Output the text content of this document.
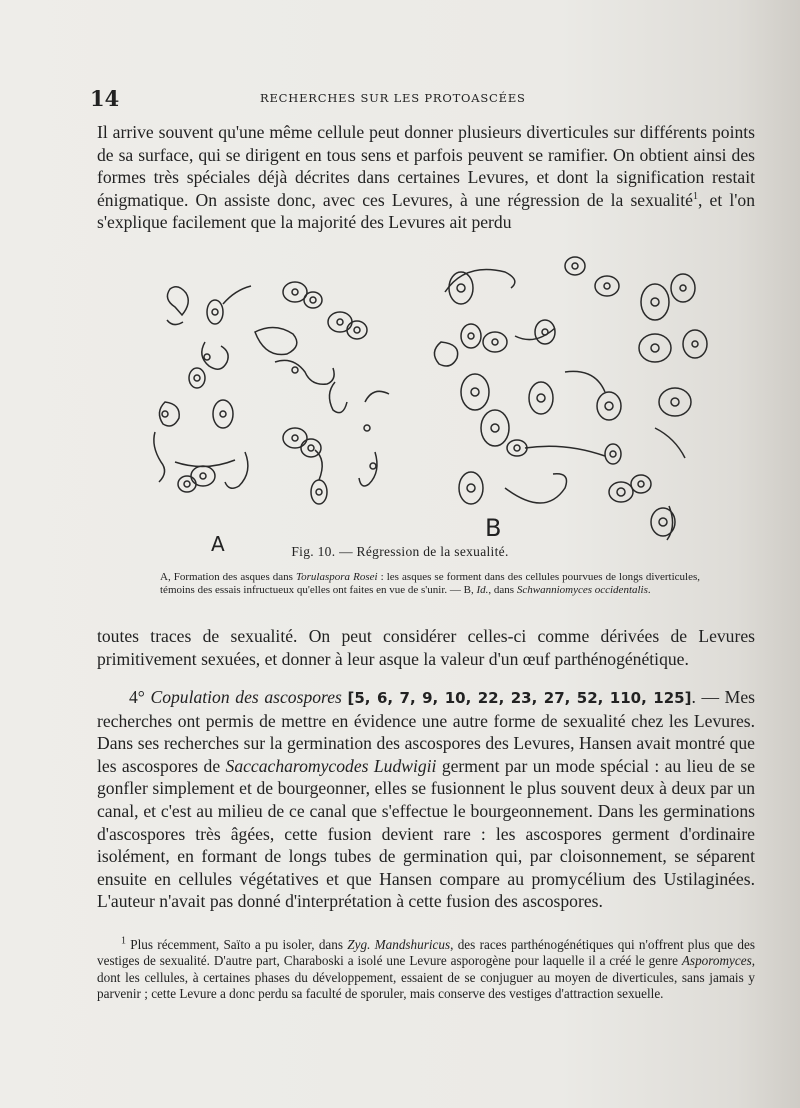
14	RECHERCHES SUR LES PROTOASCÉES

Il arrive souvent qu'une même cellule peut donner plusieurs diverticules sur différents points de sa surface, qui se dirigent en tous sens et parfois peuvent se ramifier. On obtient ainsi des formes très spéciales déjà décrites dans certaines Levures, et dont la signification restait énigmatique. On assiste donc, avec ces Levures, à une régression de la sexualité$^1$, et l'on s'explique facilement que la majorité des Levures ait perdu

A
B
Fig. 10. — Régression de la sexualité.

A, Formation des asques dans Torulaspora Rosei : les asques se forment dans des cellules pourvues de longs diverticules, témoins des essais infructueux qu'elles ont faites en vue de s'unir. — B, Id., dans Schwanniomyces occidentalis.

toutes traces de sexualité. On peut considérer celles-ci comme dérivées de Levures primitivement sexuées, et donner à leur asque la valeur d'un œuf parthénogénétique.

4° Copulation des ascospores [5, 6, 7, 9, 10, 22, 23, 27, 52, 110, 125]. — Mes recherches ont permis de mettre en évidence une autre forme de sexualité chez les Levures. Dans ses recherches sur la germination des ascospores des Levures, Hansen avait montré que les ascospores de Saccacharomycodes Ludwigii germent par un mode spécial : au lieu de se gonfler simplement et de bourgeonner, elles se fusionnent le plus souvent deux à deux par un canal, et c'est au milieu de ce canal que s'effectue le bourgeonnement. Dans les germinations d'ascospores très âgées, cette fusion devient rare : les ascospores germent d'ordinaire isolément, en formant de longs tubes de germination qui, par cloisonnement, se séparent ensuite en cellules végétatives et que Hansen compare au promycélium des Ustilaginées. L'auteur n'avait pas donné d'interprétation à cette fusion des ascospores.

$^1$ Plus récemment, Saïto a pu isoler, dans Zyg. Mandshuricus, des races parthénogénétiques qui n'offrent plus que des vestiges de sexualité. D'autre part, Charaboski a isolé une Levure asporogène pour laquelle il a créé le genre Asporomyces, dont les cellules, à certaines phases du développement, essaient de se conjuguer au moyen de diverticules, sans jamais y parvenir ; cette Levure a donc perdu sa faculté de sporuler, mais conserve des vestiges d'attraction sexuelle.
